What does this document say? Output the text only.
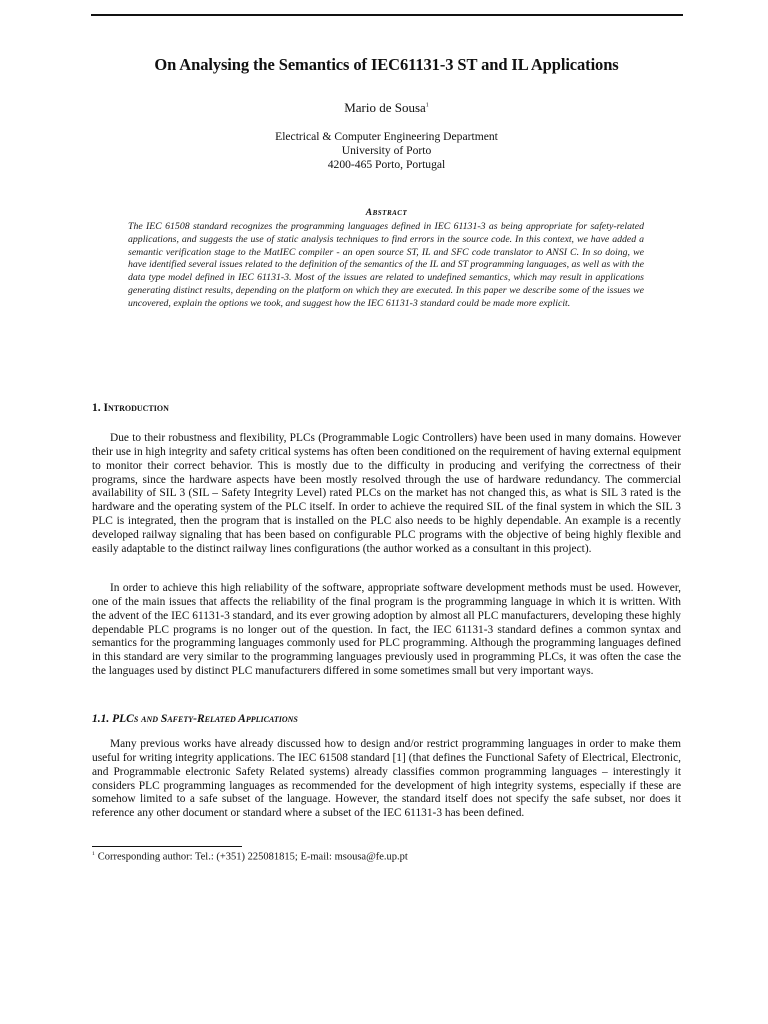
On Analysing the Semantics of IEC61131-3 ST and IL Applications
Mario de Sousa$^1$
Electrical & Computer Engineering Department
University of Porto
4200-465 Porto, Portugal
Abstract
The IEC 61508 standard recognizes the programming languages defined in IEC 61131-3 as being appropriate for safety-related applications, and suggests the use of static analysis techniques to find errors in the source code. In this context, we have added a semantic verification stage to the MatIEC compiler - an open source ST, IL and SFC code translator to ANSI C. In so doing, we have identified several issues related to the definition of the semantics of the IL and ST programming languages, as well as with the data type model defined in IEC 61131-3. Most of the issues are related to undefined semantics, which may result in applications generating distinct results, depending on the platform on which they are executed. In this paper we describe some of the issues we uncovered, explain the options we took, and suggest how the IEC 61131-3 standard could be made more explicit.
1. Introduction
Due to their robustness and flexibility, PLCs (Programmable Logic Controllers) have been used in many domains. However their use in high integrity and safety critical systems has often been conditioned on the requirement of having external equipment to monitor their correct behavior. This is mostly due to the difficulty in producing and verifying the correctness of their programs, since the hardware aspects have been mostly resolved through the use of hardware redundancy. The commercial availability of SIL 3 (SIL – Safety Integrity Level) rated PLCs on the market has not changed this, as what is SIL 3 rated is the hardware and the operating system of the PLC itself. In order to achieve the required SIL of the final system in which the SIL 3 PLC is integrated, then the program that is installed on the PLC also needs to be highly dependable. An example is a recently developed railway signaling that has been based on configurable PLC programs with the objective of being highly flexible and easily adaptable to the distinct railway lines configurations (the author worked as a consultant in this project).
In order to achieve this high reliability of the software, appropriate software development methods must be used. However, one of the main issues that affects the reliability of the final program is the programming language in which it is written. With the advent of the IEC 61131-3 standard, and its ever growing adoption by almost all PLC manufacturers, developing these highly dependable PLC programs is no longer out of the question. In fact, the IEC 61131-3 standard defines a common syntax and semantics for the programming languages commonly used for PLC programming. Although the programming languages defined in this standard are very similar to the programming languages previously used in programming PLCs, it was often the case the the languages used by distinct PLC manufacturers differed in some sometimes small but very important ways.
1.1. PLCs and Safety-Related Applications
Many previous works have already discussed how to design and/or restrict programming languages in order to make them useful for writing integrity applications. The IEC 61508 standard [1] (that defines the Functional Safety of Electrical, Electronic, and Programmable electronic Safety Related systems) already classifies common programming languages – interestingly it considers PLC programming languages as recommended for the development of high integrity systems, especially if these are somehow limited to a safe subset of the language. However, the standard itself does not specify the safe subset, nor does it reference any other document or standard where a subset of the IEC 61131-3 has been defined.
$^1$ Corresponding author: Tel.: (+351) 225081815; E-mail: msousa@fe.up.pt
